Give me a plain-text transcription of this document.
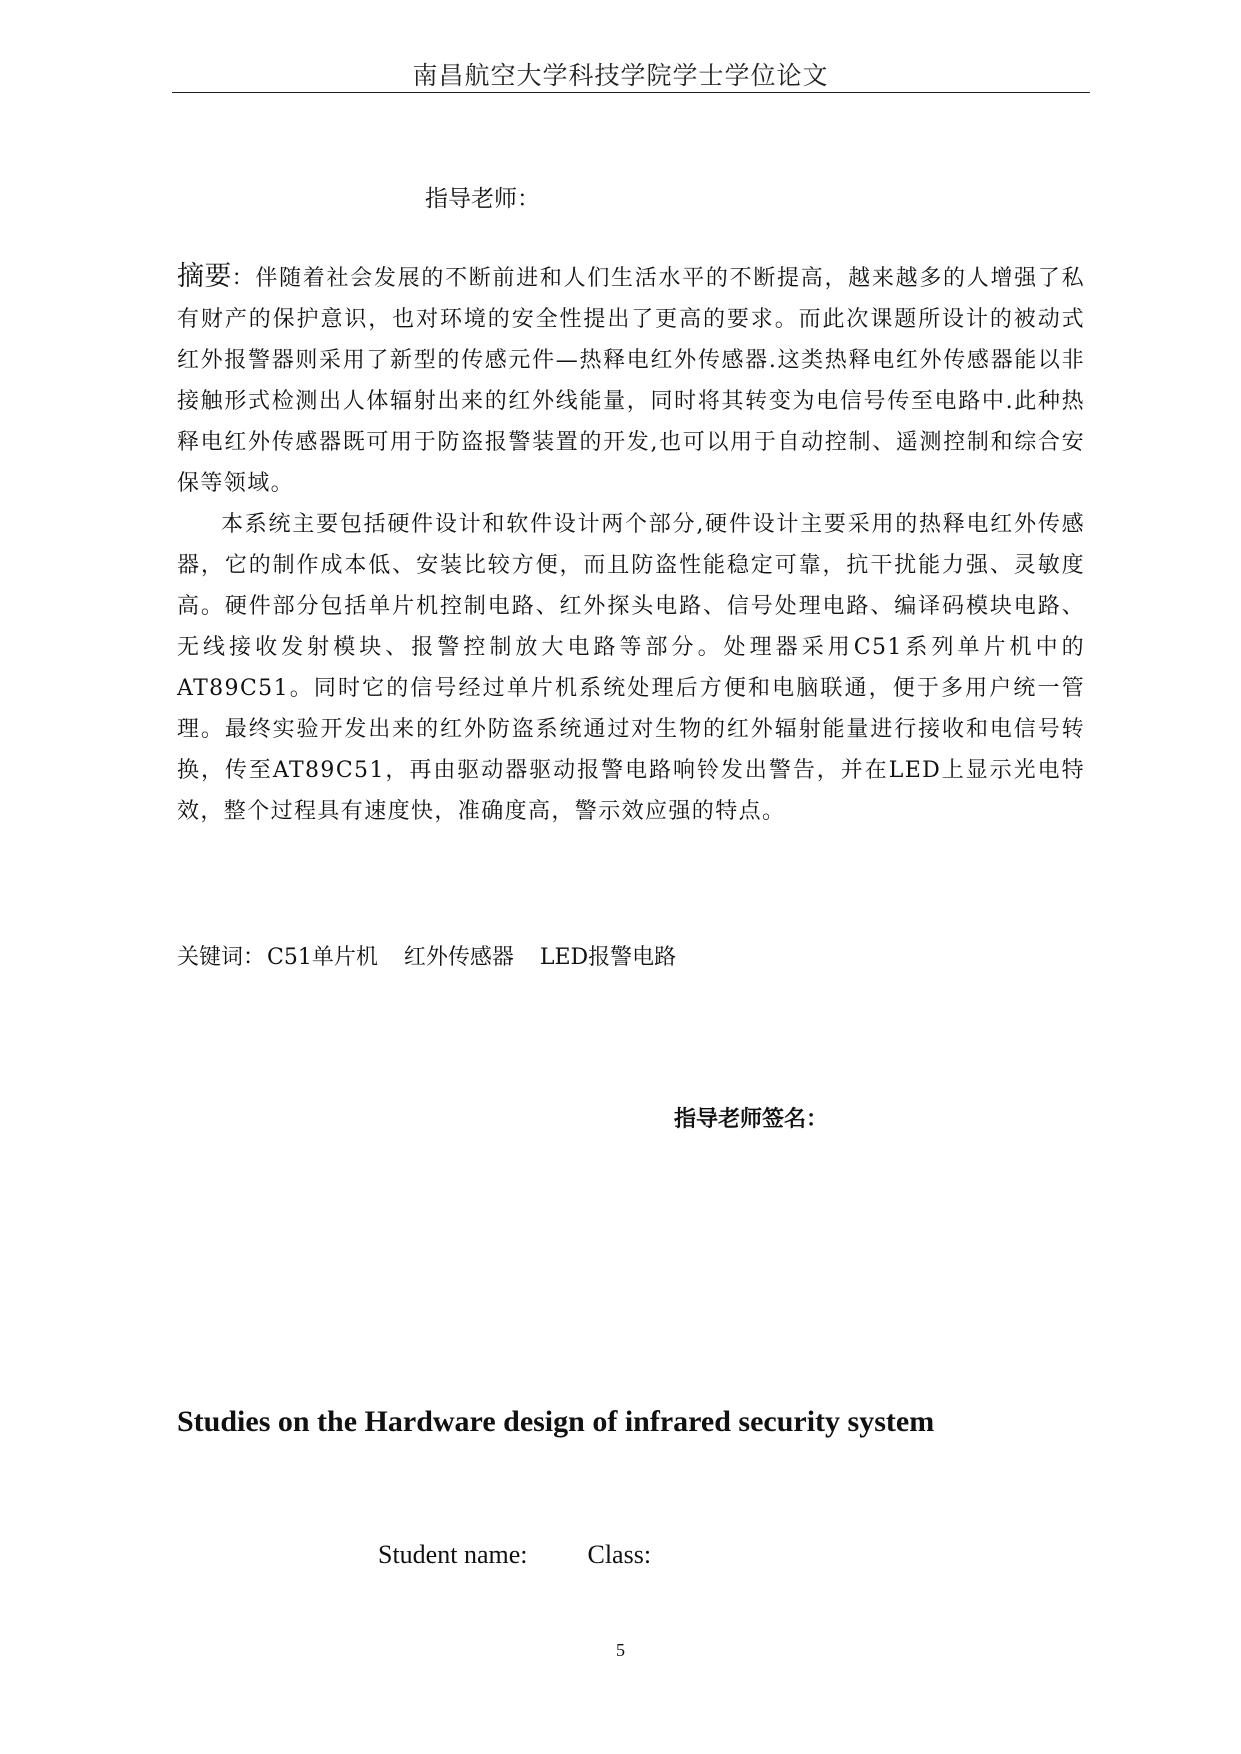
南昌航空大学科技学院学士学位论文
指导老师：

摘要：伴随着社会发展的不断前进和人们生活水平的不断提高，越来越多的人增强了私有财产的保护意识，也对环境的安全性提出了更高的要求。而此次课题所设计的被动式红外报警器则采用了新型的传感元件—热释电红外传感器.这类热释电红外传感器能以非接触形式检测出人体辐射出来的红外线能量，同时将其转变为电信号传至电路中.此种热释电红外传感器既可用于防盗报警装置的开发,也可以用于自动控制、遥测控制和综合安保等领域。

本系统主要包括硬件设计和软件设计两个部分,硬件设计主要采用的热释电红外传感器，它的制作成本低、安装比较方便，而且防盗性能稳定可靠，抗干扰能力强、灵敏度高。硬件部分包括单片机控制电路、红外探头电路、信号处理电路、编译码模块电路、无线接收发射模块、报警控制放大电路等部分。处理器采用C51系列单片机中的AT89C51。同时它的信号经过单片机系统处理后方便和电脑联通，便于多用户统一管理。最终实验开发出来的红外防盗系统通过对生物的红外辐射能量进行接收和电信号转换，传至AT89C51，再由驱动器驱动报警电路响铃发出警告，并在LED上显示光电特效，整个过程具有速度快，准确度高，警示效应强的特点。

关键词：C51单片机 红外传感器 LED报警电路
指导老师签名：
Studies on the Hardware design of infrared security system
Student name: Class:
5
